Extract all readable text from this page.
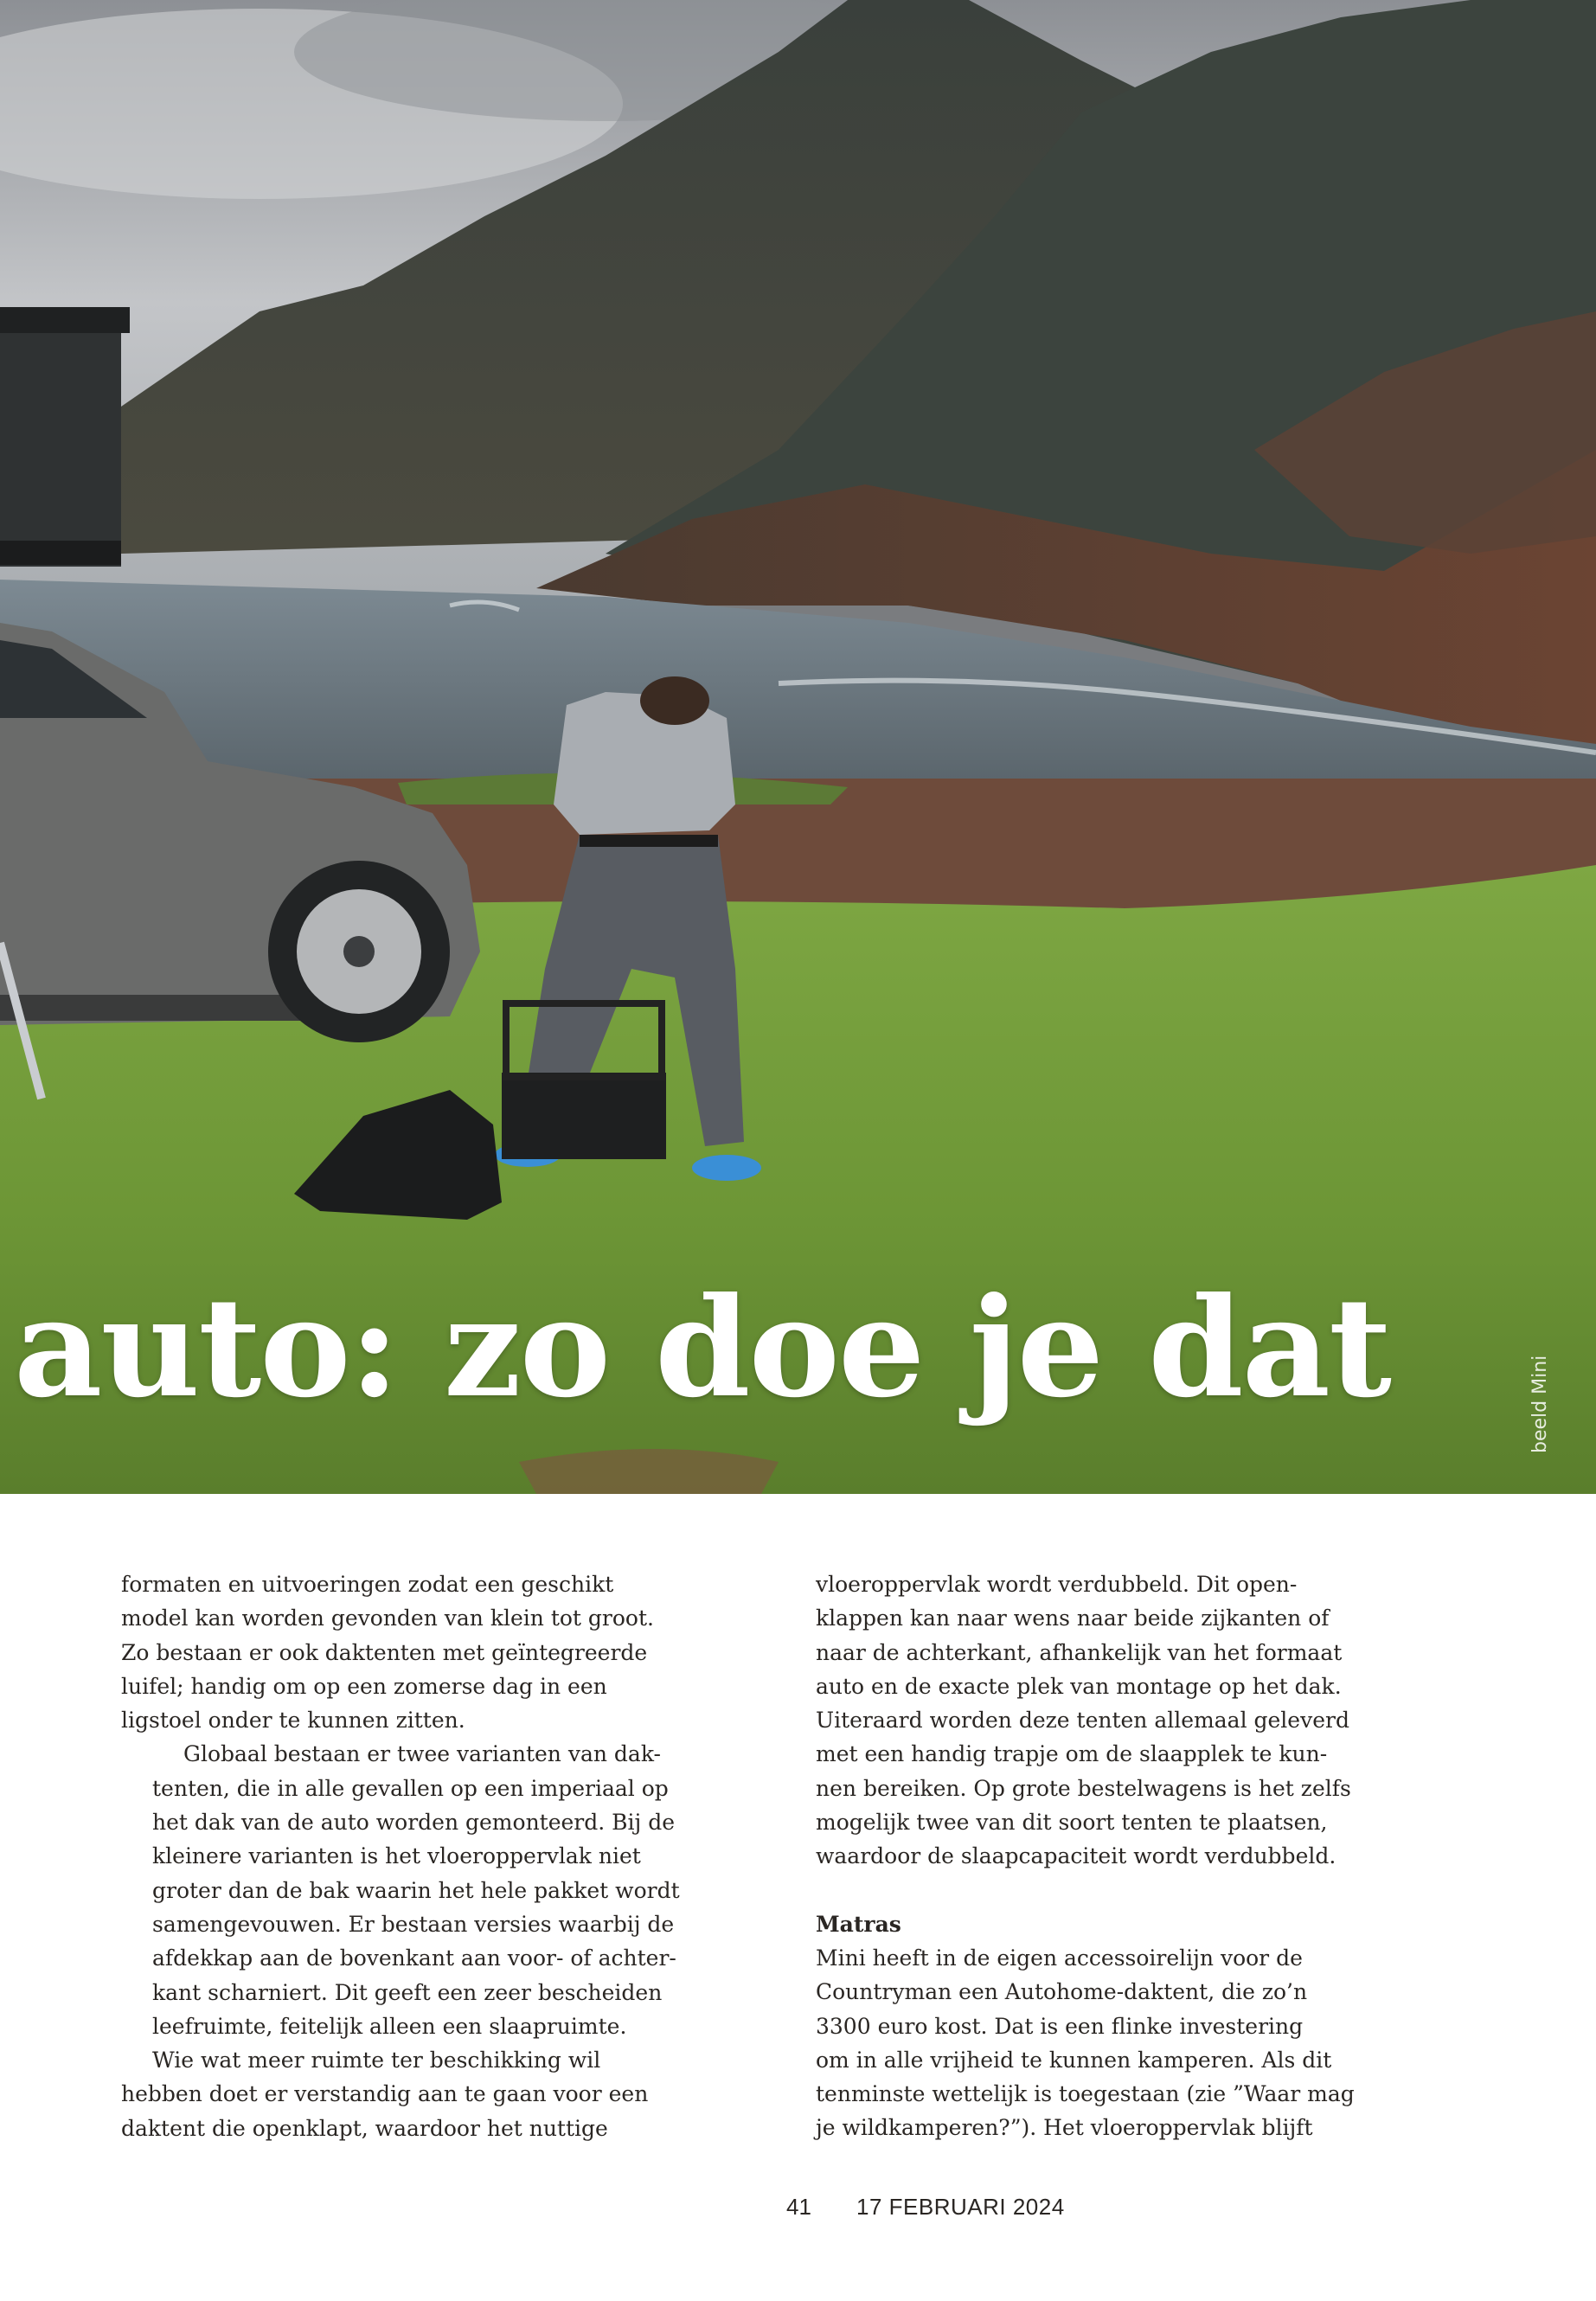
auto: zo doe je dat	beeld Mini

formaten en uitvoeringen zodat een geschikt
model kan worden gevonden van klein tot groot.
Zo bestaan er ook daktenten met geïntegreerde
luifel; handig om op een zomerse dag in een
ligstoel onder te kunnen zitten.

Globaal bestaan er twee varianten van dak-
tenten, die in alle gevallen op een imperiaal op
het dak van de auto worden gemonteerd. Bij de
kleinere varianten is het vloeroppervlak niet
groter dan de bak waarin het hele pakket wordt
samengevouwen. Er bestaan versies waarbij de
afdekkap aan de bovenkant aan voor- of achter-
kant scharniert. Dit geeft een zeer bescheiden
leefruimte, feitelijk alleen een slaapruimte.

Wie wat meer ruimte ter beschikking wil
hebben doet er verstandig aan te gaan voor een
daktent die openklapt, waardoor het nuttige

vloeroppervlak wordt verdubbeld. Dit open-
klappen kan naar wens naar beide zijkanten of
naar de achterkant, afhankelijk van het formaat
auto en de exacte plek van montage op het dak.
Uiteraard worden deze tenten allemaal geleverd
met een handig trapje om de slaapplek te kun-
nen bereiken. Op grote bestelwagens is het zelfs
mogelijk twee van dit soort tenten te plaatsen,
waardoor de slaapcapaciteit wordt verdubbeld.

Matras

Mini heeft in de eigen accessoirelijn voor de
Countryman een Autohome-daktent, die zo’n
3300 euro kost. Dat is een flinke investering
om in alle vrijheid te kunnen kamperen. Als dit
tenminste wettelijk is toegestaan (zie ”Waar mag
je wildkamperen?”). Het vloeroppervlak blijft

41 17 FEBRUARI 2024
